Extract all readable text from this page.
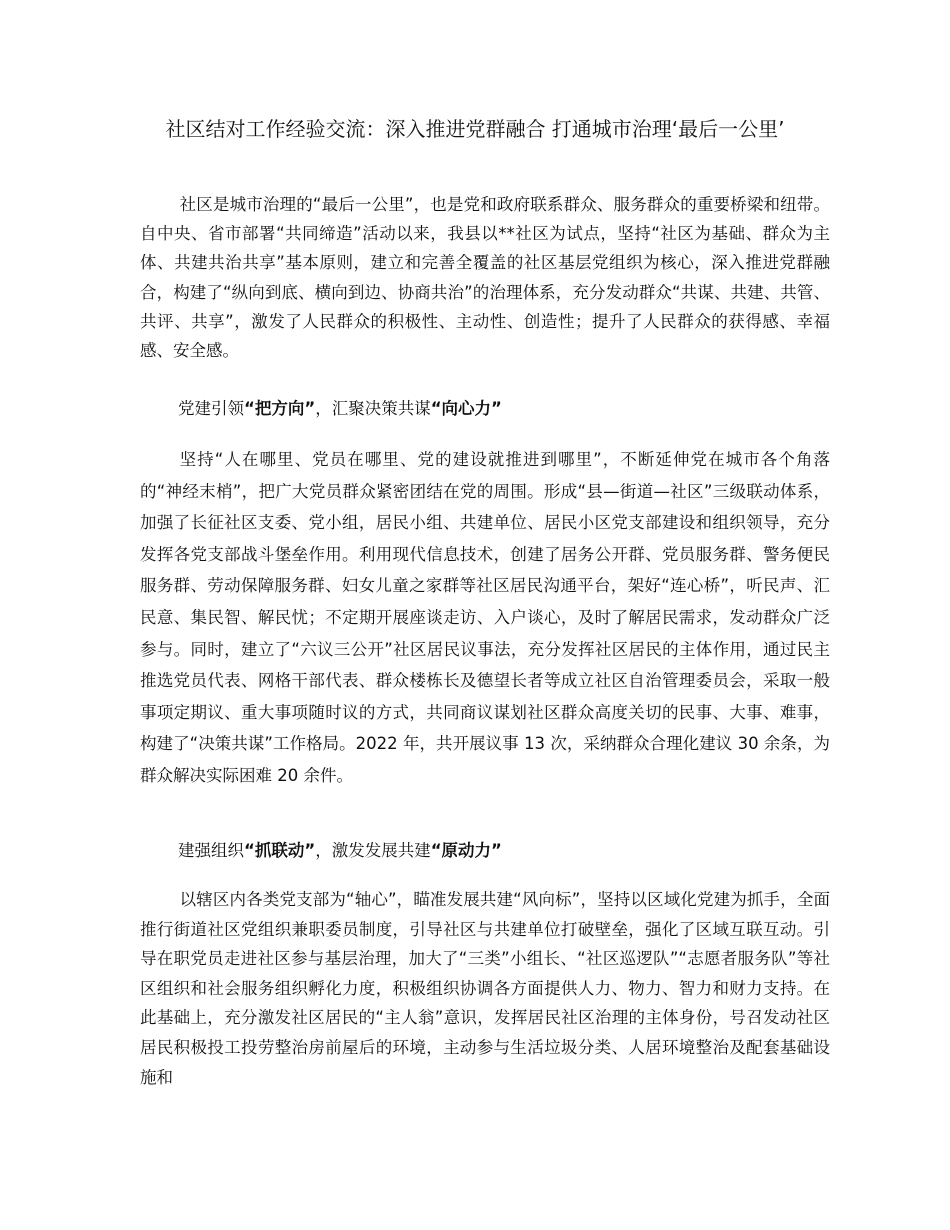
社区结对工作经验交流：深入推进党群融合 打通城市治理‘最后一公里’

社区是城市治理的“最后一公里”，也是党和政府联系群众、服务群众的重要桥梁和纽带。自中央、省市部署“共同缔造”活动以来，我县以**社区为试点，坚持“社区为基础、群众为主体、共建共治共享”基本原则，建立和完善全覆盖的社区基层党组织为核心，深入推进党群融合，构建了“纵向到底、横向到边、协商共治”的治理体系，充分发动群众“共谋、共建、共管、共评、共享”，激发了人民群众的积极性、主动性、创造性；提升了人民群众的获得感、幸福感、安全感。

党建引领“把方向”，汇聚决策共谋“向心力”

坚持“人在哪里、党员在哪里、党的建设就推进到哪里”，不断延伸党在城市各个角落的“神经末梢”，把广大党员群众紧密团结在党的周围。形成“县—街道—社区”三级联动体系，加强了长征社区支委、党小组，居民小组、共建单位、居民小区党支部建设和组织领导，充分发挥各党支部战斗堡垒作用。利用现代信息技术，创建了居务公开群、党员服务群、警务便民服务群、劳动保障服务群、妇女儿童之家群等社区居民沟通平台，架好“连心桥”，听民声、汇民意、集民智、解民忧；不定期开展座谈走访、入户谈心，及时了解居民需求，发动群众广泛参与。同时，建立了“六议三公开”社区居民议事法，充分发挥社区居民的主体作用，通过民主推选党员代表、网格干部代表、群众楼栋长及德望长者等成立社区自治管理委员会，采取一般事项定期议、重大事项随时议的方式，共同商议谋划社区群众高度关切的民事、大事、难事，构建了“决策共谋”工作格局。2022 年，共开展议事 13 次，采纳群众合理化建议 30 余条，为群众解决实际困难 20 余件。

建强组织“抓联动”，激发发展共建“原动力”

以辖区内各类党支部为“轴心”，瞄准发展共建“风向标”，坚持以区域化党建为抓手，全面推行街道社区党组织兼职委员制度，引导社区与共建单位打破壁垒，强化了区域互联互动。引导在职党员走进社区参与基层治理，加大了“三类”小组长、“社区巡逻队”“志愿者服务队”等社区组织和社会服务组织孵化力度，积极组织协调各方面提供人力、物力、智力和财力支持。在此基础上，充分激发社区居民的“主人翁”意识，发挥居民社区治理的主体身份，号召发动社区居民积极投工投劳整治房前屋后的环境，主动参与生活垃圾分类、人居环境整治及配套基础设施和
